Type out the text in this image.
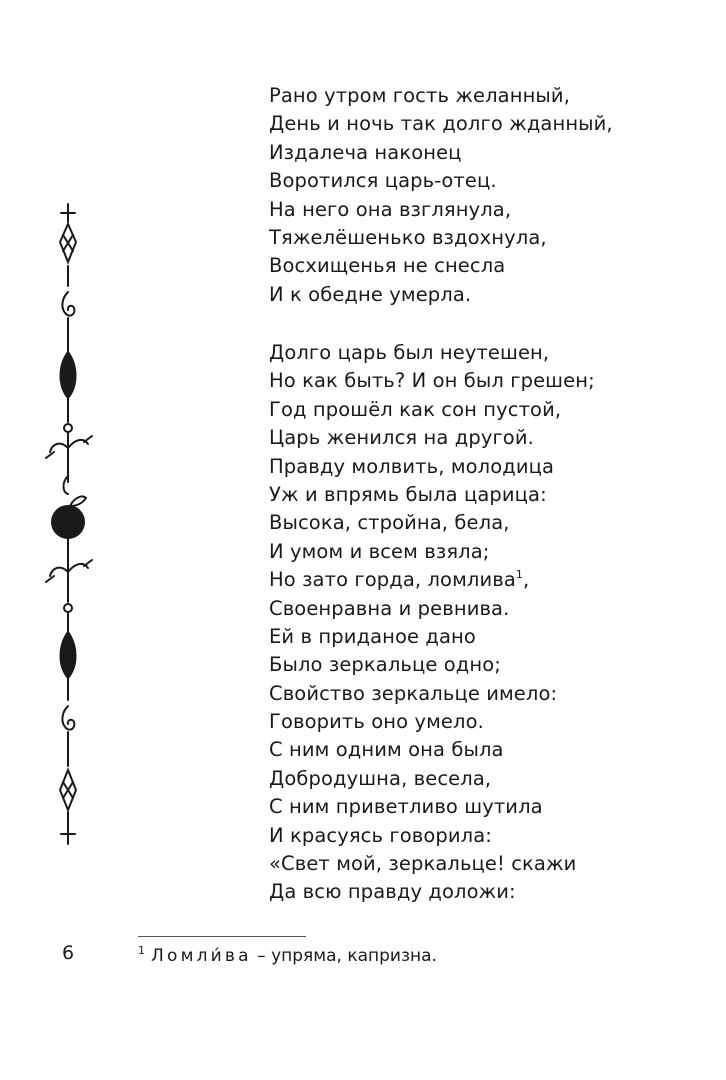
Рано утром гость желанный,
День и ночь так долго жданный,
Издалеча наконец
Воротился царь-отец.
На него она взглянула,
Тяжелёшенько вздохнула,
Восхищенья не снесла
И к обедне умерла.
Долго царь был неутешен,
Но как быть? И он был грешен;
Год прошёл как сон пустой,
Царь женился на другой.
Правду молвить, молодица
Уж и впрямь была царица:
Высока, стройна, бела,
И умом и всем взяла;
Но зато горда, ломлива$^1$,
Своенравна и ревнива.
Ей в приданое дано
Было зеркальце одно;
Свойство зеркальце имело:
Говорить оно умело.
С ним одним она была
Добродушна, весела,
С ним приветливо шутила
И красуясь говорила:
«Свет мой, зеркальце! скажи
Да всю правду доложи:
6	$^1$ Ломли́ва – упряма, капризна.
